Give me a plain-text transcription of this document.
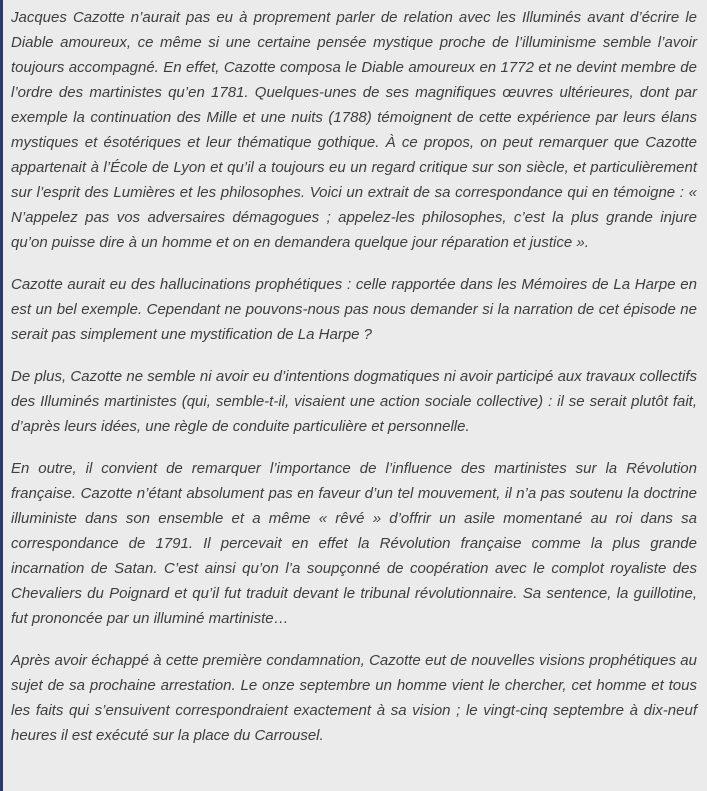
Jacques Cazotte n’aurait pas eu à proprement parler de relation avec les Illuminés avant d’écrire le Diable amoureux, ce même si une certaine pensée mystique proche de l’illuminisme semble l’avoir toujours accompagné. En effet, Cazotte composa le Diable amoureux en 1772 et ne devint membre de l’ordre des martinistes qu’en 1781. Quelques-unes de ses magnifiques œuvres ultérieures, dont par exemple la continuation des Mille et une nuits (1788) témoignent de cette expérience par leurs élans mystiques et ésotériques et leur thématique gothique. À ce propos, on peut remarquer que Cazotte appartenait à l’École de Lyon et qu’il a toujours eu un regard critique sur son siècle, et particulièrement sur l’esprit des Lumières et les philosophes. Voici un extrait de sa correspondance qui en témoigne : « N’appelez pas vos adversaires démagogues ; appelez-les philosophes, c’est la plus grande injure qu’on puisse dire à un homme et on en demandera quelque jour réparation et justice ».

Cazotte aurait eu des hallucinations prophétiques : celle rapportée dans les Mémoires de La Harpe en est un bel exemple. Cependant ne pouvons-nous pas nous demander si la narration de cet épisode ne serait pas simplement une mystification de La Harpe ?

De plus, Cazotte ne semble ni avoir eu d’intentions dogmatiques ni avoir participé aux travaux collectifs des Illuminés martinistes (qui, semble-t-il, visaient une action sociale collective) : il se serait plutôt fait, d’après leurs idées, une règle de conduite particulière et personnelle.

En outre, il convient de remarquer l’importance de l’influence des martinistes sur la Révolution française. Cazotte n’étant absolument pas en faveur d’un tel mouvement, il n’a pas soutenu la doctrine illuministe dans son ensemble et a même « rêvé » d’offrir un asile momentané au roi dans sa correspondance de 1791. Il percevait en effet la Révolution française comme la plus grande incarnation de Satan. C’est ainsi qu’on l’a soupçonné de coopération avec le complot royaliste des Chevaliers du Poignard et qu’il fut traduit devant le tribunal révolutionnaire. Sa sentence, la guillotine, fut prononcée par un illuminé martiniste…

Après avoir échappé à cette première condamnation, Cazotte eut de nouvelles visions prophétiques au sujet de sa prochaine arrestation. Le onze septembre un homme vient le chercher, cet homme et tous les faits qui s’ensuivent correspondraient exactement à sa vision ; le vingt-cinq septembre à dix-neuf heures il est exécuté sur la place du Carrousel.
